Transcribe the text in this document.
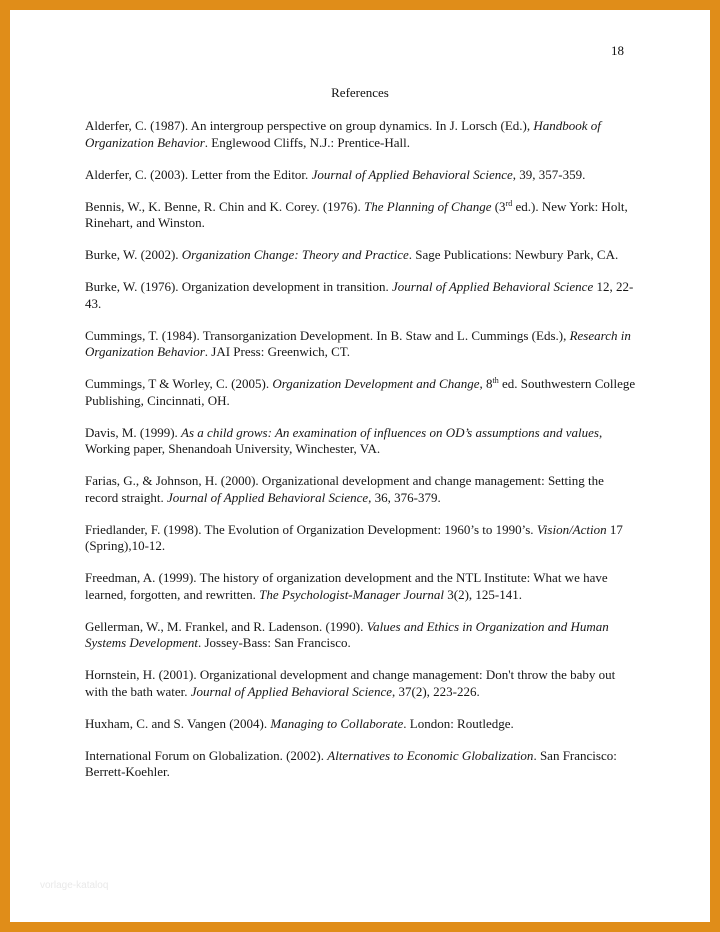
18
References

Alderfer, C. (1987). An intergroup perspective on group dynamics. In J. Lorsch (Ed.), Handbook of Organization Behavior. Englewood Cliffs, N.J.: Prentice-Hall.

Alderfer, C. (2003). Letter from the Editor. Journal of Applied Behavioral Science, 39, 357-359.

Bennis, W., K. Benne, R. Chin and K. Corey. (1976). The Planning of Change (3rd ed.). New York: Holt, Rinehart, and Winston.

Burke, W. (2002). Organization Change: Theory and Practice. Sage Publications: Newbury Park, CA.

Burke, W. (1976). Organization development in transition. Journal of Applied Behavioral Science 12, 22-43.

Cummings, T. (1984). Transorganization Development. In B. Staw and L. Cummings (Eds.), Research in Organization Behavior. JAI Press: Greenwich, CT.

Cummings, T & Worley, C. (2005). Organization Development and Change, 8th ed. Southwestern College Publishing, Cincinnati, OH.

Davis, M. (1999). As a child grows: An examination of influences on OD’s assumptions and values, Working paper, Shenandoah University, Winchester, VA.

Farias, G., & Johnson, H. (2000). Organizational development and change management: Setting the record straight. Journal of Applied Behavioral Science, 36, 376-379.

Friedlander, F. (1998). The Evolution of Organization Development: 1960’s to 1990’s. Vision/Action 17 (Spring),10-12.

Freedman, A. (1999). The history of organization development and the NTL Institute: What we have learned, forgotten, and rewritten. The Psychologist-Manager Journal 3(2), 125-141.

Gellerman, W., M. Frankel, and R. Ladenson. (1990). Values and Ethics in Organization and Human Systems Development. Jossey-Bass: San Francisco.

Hornstein, H. (2001). Organizational development and change management: Don't throw the baby out with the bath water. Journal of Applied Behavioral Science, 37(2), 223-226.

Huxham, C. and S. Vangen (2004). Managing to Collaborate. London: Routledge.

International Forum on Globalization. (2002). Alternatives to Economic Globalization. San Francisco: Berrett-Koehler.

vorlage-kataloq
